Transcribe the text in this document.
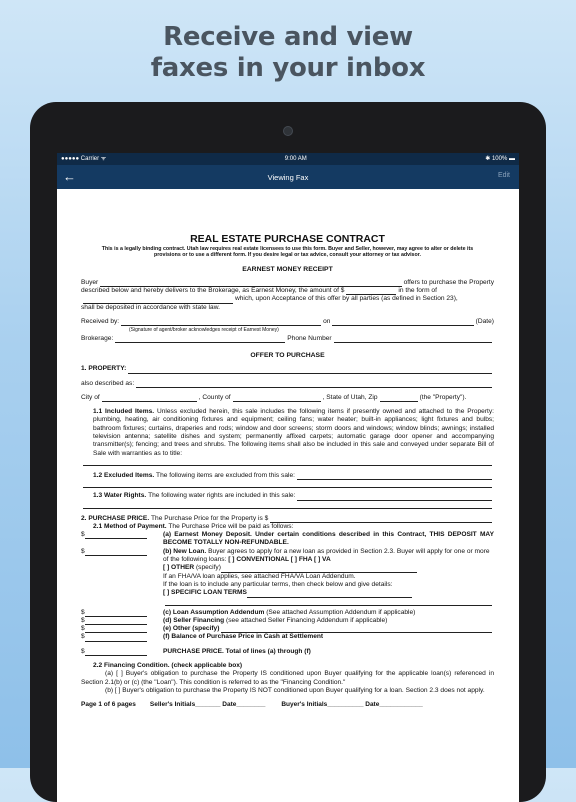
Receive and view
faxes in your inbox
●●●●● Carrier ᯤ	9:00 AM	✱ 100% ▬
←	Viewing Fax	Edit
REAL ESTATE PURCHASE CONTRACT
This is a legally binding contract. Utah law requires real estate licensees to use this form. Buyer and Seller, however, may agree to alter or delete its provisions or to use a different form. If you desire legal or tax advice, consult your attorney or tax advisor.
EARNEST MONEY RECEIPT
Buyer	offers to purchase the Property
described below and hereby delivers to the Brokerage, as Earnest Money, the amount of $	in the form of
which, upon Acceptance of this offer by all parties (as defined in Section 23),
shall be deposited in accordance with state law.
Received by:	on	(Date)
(Signature of agent/broker acknowledges receipt of Earnest Money)
Brokerage:	Phone Number
OFFER TO PURCHASE
1. PROPERTY:
also described as:
City of	, County of	, State of Utah, Zip	(the "Property").
1.1 Included Items. Unless excluded herein, this sale includes the following items if presently owned and attached to the Property: plumbing, heating, air conditioning fixtures and equipment; ceiling fans; water heater; built-in appliances; light fixtures and bulbs; bathroom fixtures; curtains, draperies and rods; window and door screens; storm doors and windows; window blinds; awnings; installed television antenna; satellite dishes and system; permanently affixed carpets; automatic garage door opener and accompanying transmitter(s); fencing; and trees and shrubs. The following items shall also be included in this sale and conveyed under separate Bill of Sale with warranties as to title:
1.2 Excluded Items.
The following items are excluded from this sale:
1.3 Water Rights.
The following water rights are included in this sale:
2. PURCHASE PRICE.
The Purchase Price for the Property is $
2.1 Method of Payment. The Purchase Price will be paid as follows:
$	(a) Earnest Money Deposit. Under certain conditions described in this Contract, THIS DEPOSIT MAY BECOME TOTALLY NON-REFUNDABLE.
$	(b) New Loan. Buyer agrees to apply for a new loan as provided in Section 2.3. Buyer will apply for one or more of the following loans: [ ] CONVENTIONAL [ ] FHA [ ] VA
[ ] OTHER (specify)
If an FHA/VA loan applies, see attached FHA/VA Loan Addendum.
If the loan is to include any particular terms, then check below and give details:
[ ] SPECIFIC LOAN TERMS
$	(c) Loan Assumption Addendum (See attached Assumption Addendum if applicable)
$	(d) Seller Financing (see attached Seller Financing Addendum if applicable)
$	(e) Other (specify)
$	(f) Balance of Purchase Price in Cash at Settlement
$	PURCHASE PRICE. Total of lines (a) through (f)
2.2 Financing Condition. (check applicable box)
(a) [ ] Buyer's obligation to purchase the Property IS conditioned upon Buyer qualifying for the applicable loan(s) referenced in Section 2.1(b) or (c) (the "Loan"). This condition is referred to as the "Financing Condition."
(b) [ ] Buyer's obligation to purchase the Property IS NOT conditioned upon Buyer qualifying for a loan. Section 2.3 does not apply.
Page 1 of 6 pages Seller's Initials_______ Date________ Buyer's Initials__________ Date____________
